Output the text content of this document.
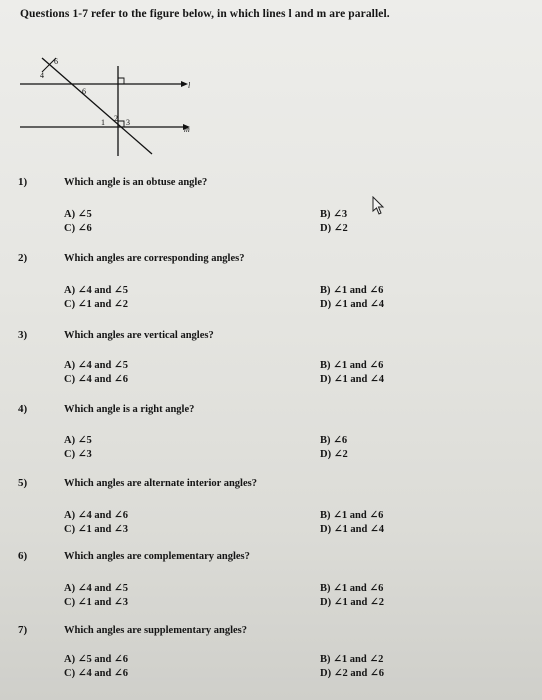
Questions 1-7 refer to the figure below, in which lines l and m are parallel.
6
4
6
l
m
1 2 3
1)	Which angle is an obtuse angle?
A) ∠5	B) ∠3
C) ∠6	D) ∠2
2)	Which angles are corresponding angles?
A) ∠4 and ∠5	B) ∠1 and ∠6
C) ∠1 and ∠2	D) ∠1 and ∠4
3)	Which angles are vertical angles?
A) ∠4 and ∠5	B) ∠1 and ∠6
C) ∠4 and ∠6	D) ∠1 and ∠4
4)	Which angle is a right angle?
A) ∠5	B) ∠6
C) ∠3	D) ∠2
5)	Which angles are alternate interior angles?
A) ∠4 and ∠6	B) ∠1 and ∠6
C) ∠1 and ∠3	D) ∠1 and ∠4
6)	Which angles are complementary angles?
A) ∠4 and ∠5	B) ∠1 and ∠6
C) ∠1 and ∠3	D) ∠1 and ∠2
7)	Which angles are supplementary angles?
A) ∠5 and ∠6	B) ∠1 and ∠2
C) ∠4 and ∠6	D) ∠2 and ∠6
